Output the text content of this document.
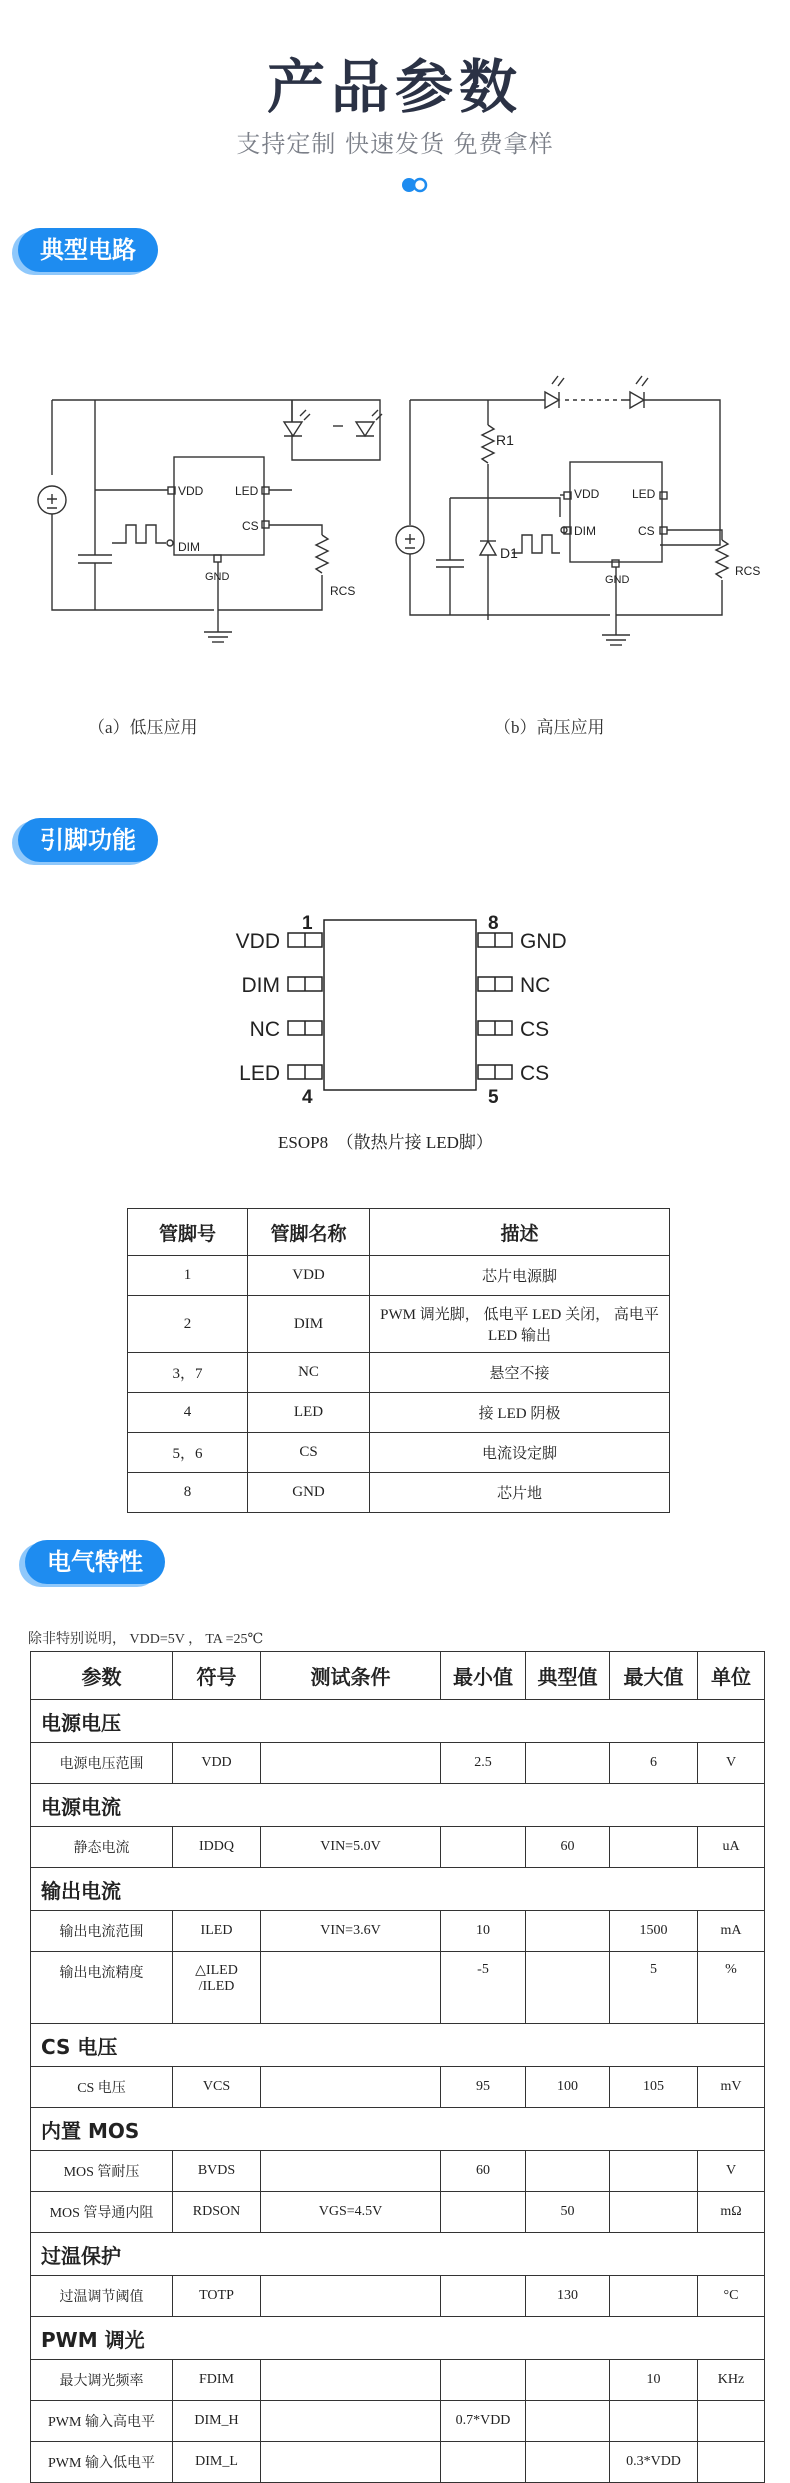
产品参数
支持定制 快速发货 免费拿样
典型电路
VDD	LED
DIM
CS
GND
RCS
VDD	LED
DIM	CS
GND
RCS
R1
D1
（a）低压应用	（b）高压应用
引脚功能
VDD
DIM
NC
LED
GND
NC
CS
CS
1	8
4	5
ESOP8　（散热片接 LED脚）
管脚号	管脚名称	描述
1	VDD	芯片电源脚
2	DIM	PWM 调光脚， 低电平 LED 关闭， 高电平
LED 输出
3，7	NC	悬空不接
4	LED	接 LED 阴极
5，6	CS	电流设定脚
8	GND	芯片地
电气特性
除非特别说明， VDD=5V ， TA =25℃
参数	符号	测试条件	最小值	典型值	最大值	单位
电源电压						
电源电压范围	VDD		2.5		6	V
电源电流						
静态电流	IDDQ	VIN=5.0V		60		uA
输出电流						
输出电流范围	ILED	VIN=3.6V	10		1500	mA
输出电流精度	△ILED
/ILED		-5		5	%
CS 电压						
CS 电压	VCS		95	100	105	mV
内置 MOS						
MOS 管耐压	BVDS		60			V
MOS 管导通内阻	RDSON	VGS=4.5V		50		mΩ
过温保护						
过温调节阈值	TOTP			130		°C
PWM 调光						
最大调光频率	FDIM				10	KHz
PWM 输入高电平	DIM_H		0.7*VDD			
PWM 输入低电平	DIM_L				0.3*VDD	
